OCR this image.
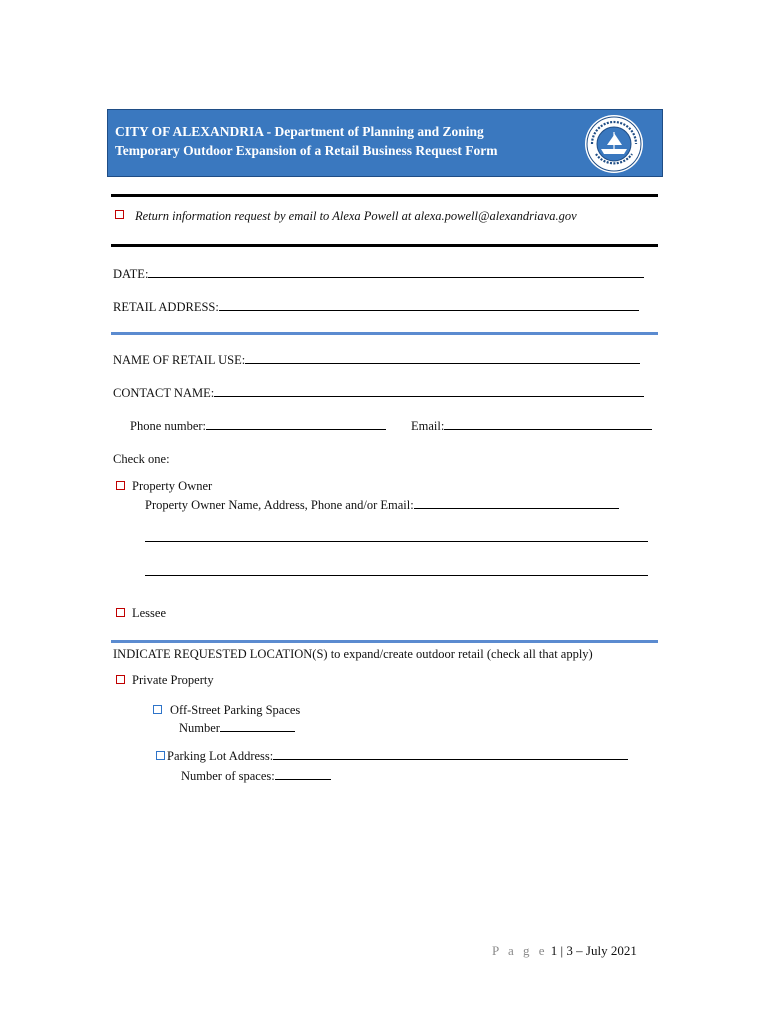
CITY OF ALEXANDRIA - Department of Planning and Zoning
Temporary Outdoor Expansion of a Retail Business Request Form
Return information request by email to Alexa Powell at alexa.powell@alexandriava.gov
DATE:
RETAIL ADDRESS:
NAME OF RETAIL USE:
CONTACT NAME:
Phone number:	Email:
Check one:
Property Owner
Property Owner Name, Address, Phone and/or Email:
Lessee
INDICATE REQUESTED LOCATION(S) to expand/create outdoor retail (check all that apply)
Private Property
Off-Street Parking Spaces
Number
Parking Lot Address:
Number of spaces:
P a g e 1 | 3 – July 2021
